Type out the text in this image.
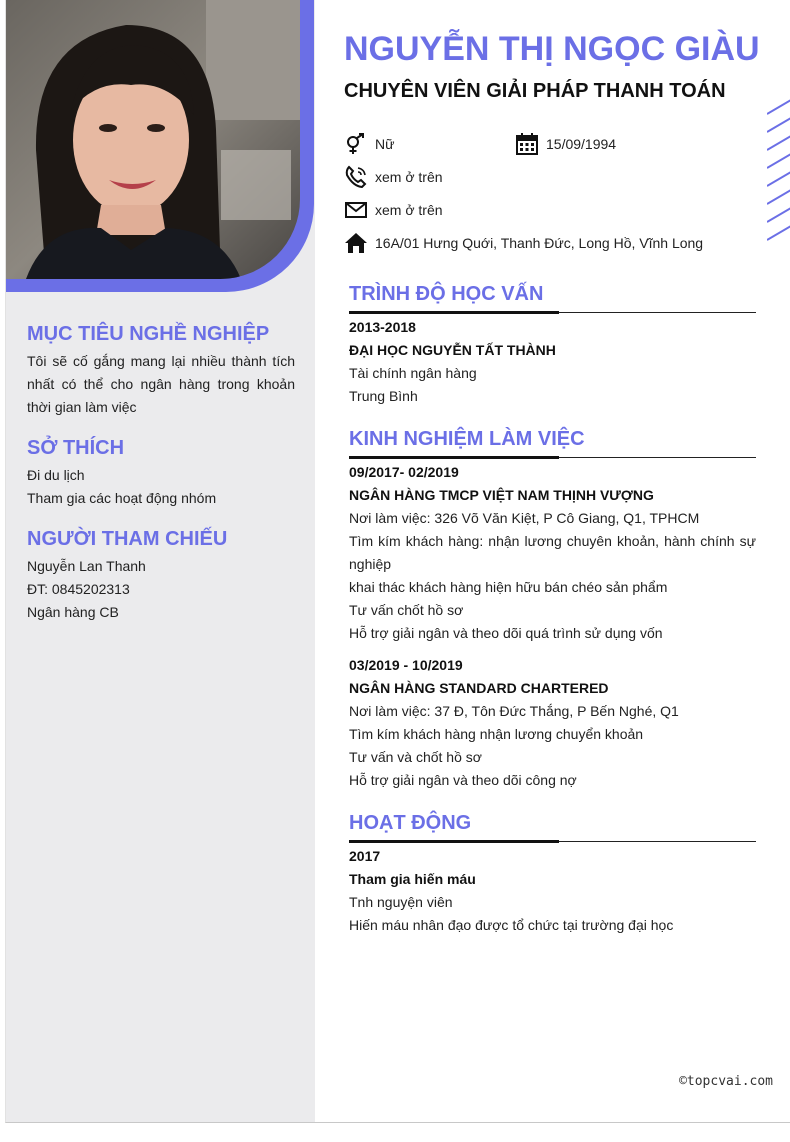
MỤC TIÊU NGHỀ NGHIỆP
Tôi sẽ cố gắng mang lại nhiều thành tích nhất có thể cho ngân hàng trong khoản thời gian làm việc
SỞ THÍCH
Đi du lịch
Tham gia các hoạt động nhóm
NGƯỜI THAM CHIẾU
Nguyễn Lan Thanh
ĐT: 0845202313
Ngân hàng CB
NGUYỄN THỊ NGỌC GIÀU
CHUYÊN VIÊN GIẢI PHÁP THANH TOÁN
Nữ	15/09/1994
xem ở trên
xem ở trên
16A/01 Hưng Quới, Thanh Đức, Long Hồ, Vĩnh Long
TRÌNH ĐỘ HỌC VẤN
2013-2018
ĐẠI HỌC NGUYỄN TẤT THÀNH
Tài chính ngân hàng
Trung Bình
KINH NGHIỆM LÀM VIỆC
09/2017- 02/2019
NGÂN HÀNG TMCP VIỆT NAM THỊNH VƯỢNG
Nơi làm việc: 326 Võ Văn Kiệt, P Cô Giang, Q1, TPHCM
Tìm kím khách hàng: nhận lương chuyên khoản, hành chính sự nghiệp
khai thác khách hàng hiện hữu bán chéo sản phẩm
Tư vấn chốt hồ sơ
Hỗ trợ giải ngân và theo dõi quá trình sử dụng vốn
03/2019 - 10/2019
NGÂN HÀNG STANDARD CHARTERED
Nơi làm việc: 37 Đ, Tôn Đức Thắng, P Bến Nghé, Q1
Tìm kím khách hàng nhận lương chuyển khoản
Tư vấn và chốt hồ sơ
Hỗ trợ giải ngân và theo dõi công nợ
HOẠT ĐỘNG
2017
Tham gia hiến máu
Tnh nguyện viên
Hiến máu nhân đạo được tổ chức tại trường đại học
©topcvai.com
